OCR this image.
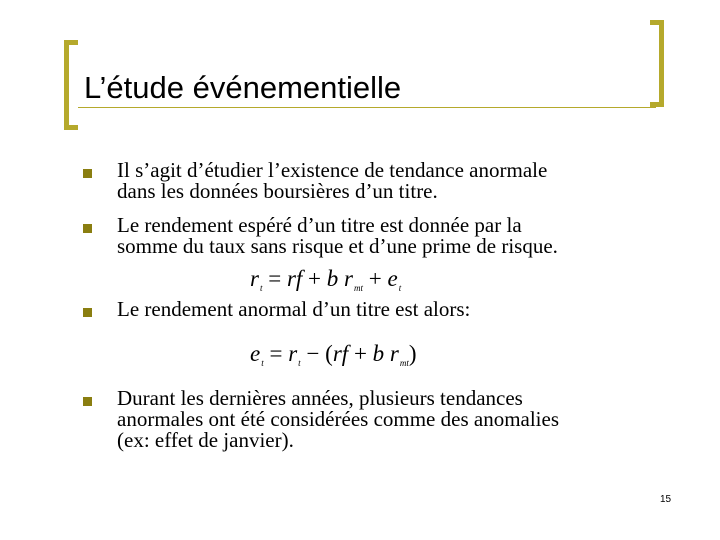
L’étude événementielle
Il s’agit d’étudier l’existence de tendance anormale
dans les données boursières d’un titre.
Le rendement espéré d’un titre est donnée par la
somme du taux sans risque et d’une prime de risque.
$r_t$ = rf + b $r_{mt} + e_t$
Le rendement anormal d’un titre est alors:
$e_t = r_t - (rf + b$ $r_{mt}$)
Durant les dernières années, plusieurs tendances
anormales ont été considérées comme des anomalies
(ex: effet de janvier).
15
